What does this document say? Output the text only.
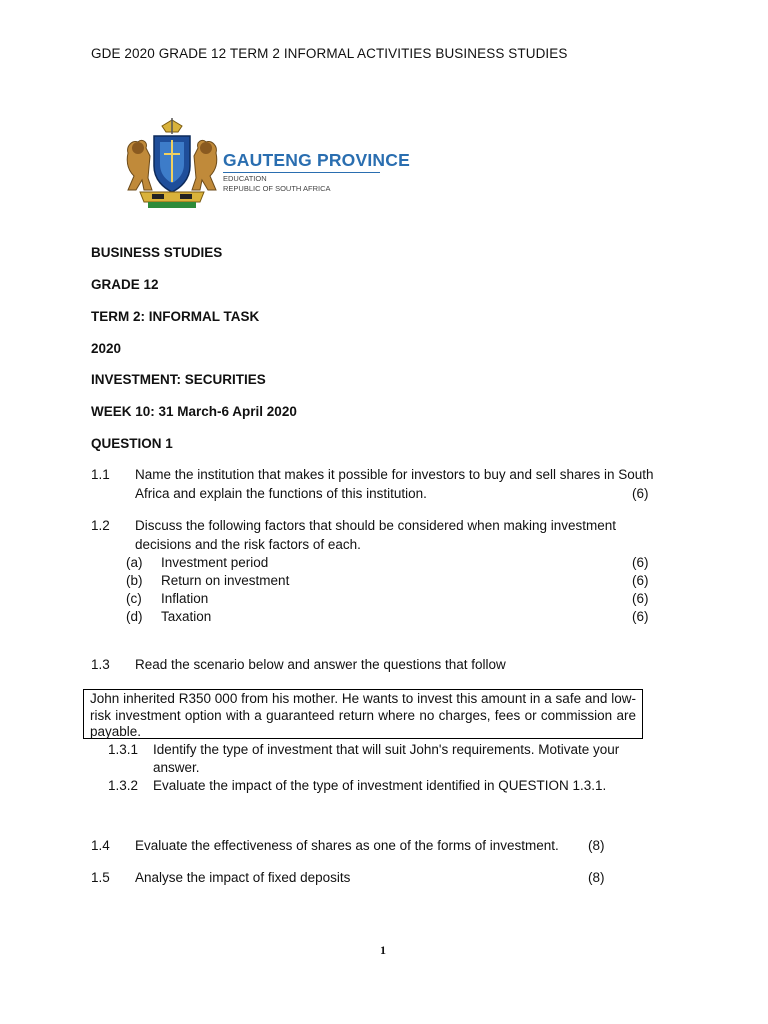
GDE 2020 GRADE 12 TERM 2 INFORMAL ACTIVITIES BUSINESS STUDIES
GAUTENG PROVINCE
EDUCATION
REPUBLIC OF SOUTH AFRICA
BUSINESS STUDIES
GRADE 12
TERM 2: INFORMAL TASK
2020
INVESTMENT: SECURITIES
WEEK 10: 31 March-6 April 2020
QUESTION 1
1.1 Name the institution that makes it possible for investors to buy and sell shares in South
Africa and explain the functions of this institution.	(6)
1.2 Discuss the following factors that should be considered when making investment
decisions and the risk factors of each.
(a) Investment period	(6)
(b) Return on investment	(6)
(c) Inflation	(6)
(d) Taxation	(6)
1.3 Read the scenario below and answer the questions that follow
John inherited R350 000 from his mother. He wants to invest this amount in a safe and low-risk investment option with a guaranteed return where no charges, fees or commission are payable.
1.3.1 Identify the type of investment that will suit John's requirements. Motivate your
answer.
1.3.2 Evaluate the impact of the type of investment identified in QUESTION 1.3.1.
1.4 Evaluate the effectiveness of shares as one of the forms of investment. (8)
1.5 Analyse the impact of fixed deposits	(8)
1
